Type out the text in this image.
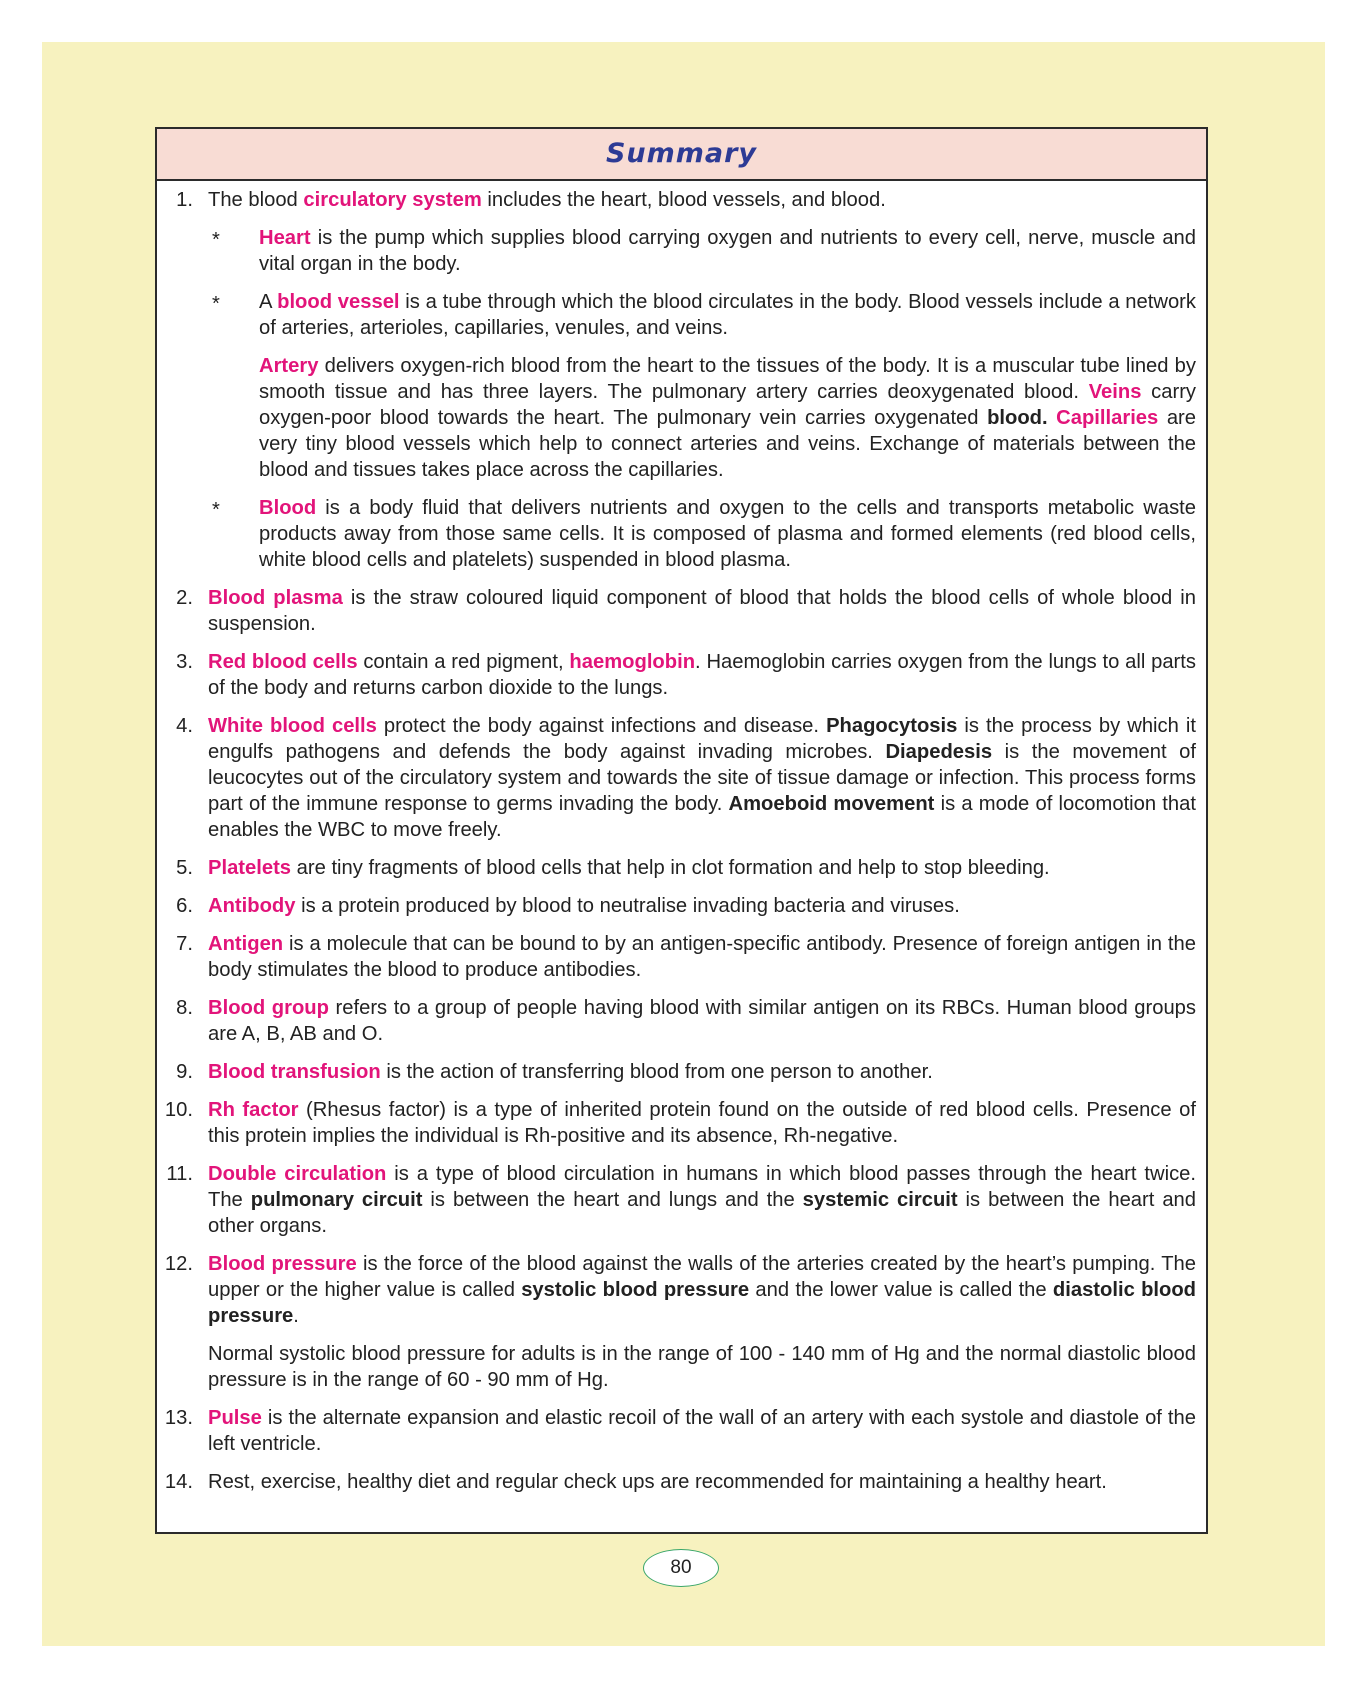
Summary
1. The blood circulatory system includes the heart, blood vessels, and blood.
* Heart is the pump which supplies blood carrying oxygen and nutrients to every cell, nerve, muscle and vital organ in the body.
* A blood vessel is a tube through which the blood circulates in the body. Blood vessels include a network of arteries, arterioles, capillaries, venules, and veins.
Artery delivers oxygen-rich blood from the heart to the tissues of the body. It is a muscular tube lined by smooth tissue and has three layers. The pulmonary artery carries deoxygenated blood. Veins carry oxygen-poor blood towards the heart. The pulmonary vein carries oxygenated blood. Capillaries are very tiny blood vessels which help to connect arteries and veins. Exchange of materials between the blood and tissues takes place across the capillaries.
* Blood is a body fluid that delivers nutrients and oxygen to the cells and transports metabolic waste products away from those same cells. It is composed of plasma and formed elements (red blood cells, white blood cells and platelets) suspended in blood plasma.
2. Blood plasma is the straw coloured liquid component of blood that holds the blood cells of whole blood in suspension.
3. Red blood cells contain a red pigment, haemoglobin. Haemoglobin carries oxygen from the lungs to all parts of the body and returns carbon dioxide to the lungs.
4. White blood cells protect the body against infections and disease. Phagocytosis is the process by which it engulfs pathogens and defends the body against invading microbes. Diapedesis is the movement of leucocytes out of the circulatory system and towards the site of tissue damage or infection. This process forms part of the immune response to germs invading the body. Amoeboid movement is a mode of locomotion that enables the WBC to move freely.
5. Platelets are tiny fragments of blood cells that help in clot formation and help to stop bleeding.
6. Antibody is a protein produced by blood to neutralise invading bacteria and viruses.
7. Antigen is a molecule that can be bound to by an antigen-specific antibody. Presence of foreign antigen in the body stimulates the blood to produce antibodies.
8. Blood group refers to a group of people having blood with similar antigen on its RBCs. Human blood groups are A, B, AB and O.
9. Blood transfusion is the action of transferring blood from one person to another.
10. Rh factor (Rhesus factor) is a type of inherited protein found on the outside of red blood cells. Presence of this protein implies the individual is Rh-positive and its absence, Rh-negative.
11. Double circulation is a type of blood circulation in humans in which blood passes through the heart twice. The pulmonary circuit is between the heart and lungs and the systemic circuit is between the heart and other organs.
12. Blood pressure is the force of the blood against the walls of the arteries created by the heart’s pumping. The upper or the higher value is called systolic blood pressure and the lower value is called the diastolic blood pressure.
Normal systolic blood pressure for adults is in the range of 100 - 140 mm of Hg and the normal diastolic blood pressure is in the range of 60 - 90 mm of Hg.
13. Pulse is the alternate expansion and elastic recoil of the wall of an artery with each systole and diastole of the left ventricle.
14. Rest, exercise, healthy diet and regular check ups are recommended for maintaining a healthy heart.
80
